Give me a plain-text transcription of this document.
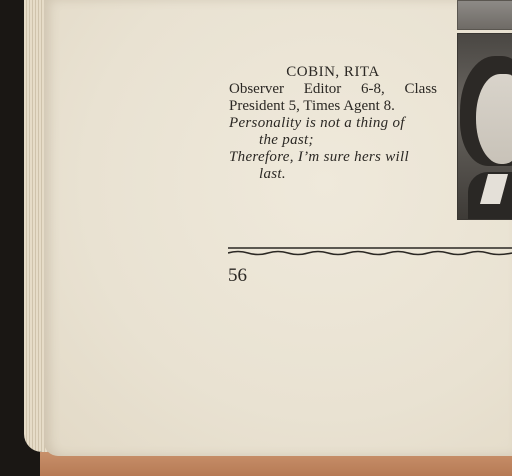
COBIN, RITA

Observer Editor 6-8, Class President 5, Times Agent 8.

Personality is not a thing of
the past;
Therefore, I’m sure hers will
last.

56
